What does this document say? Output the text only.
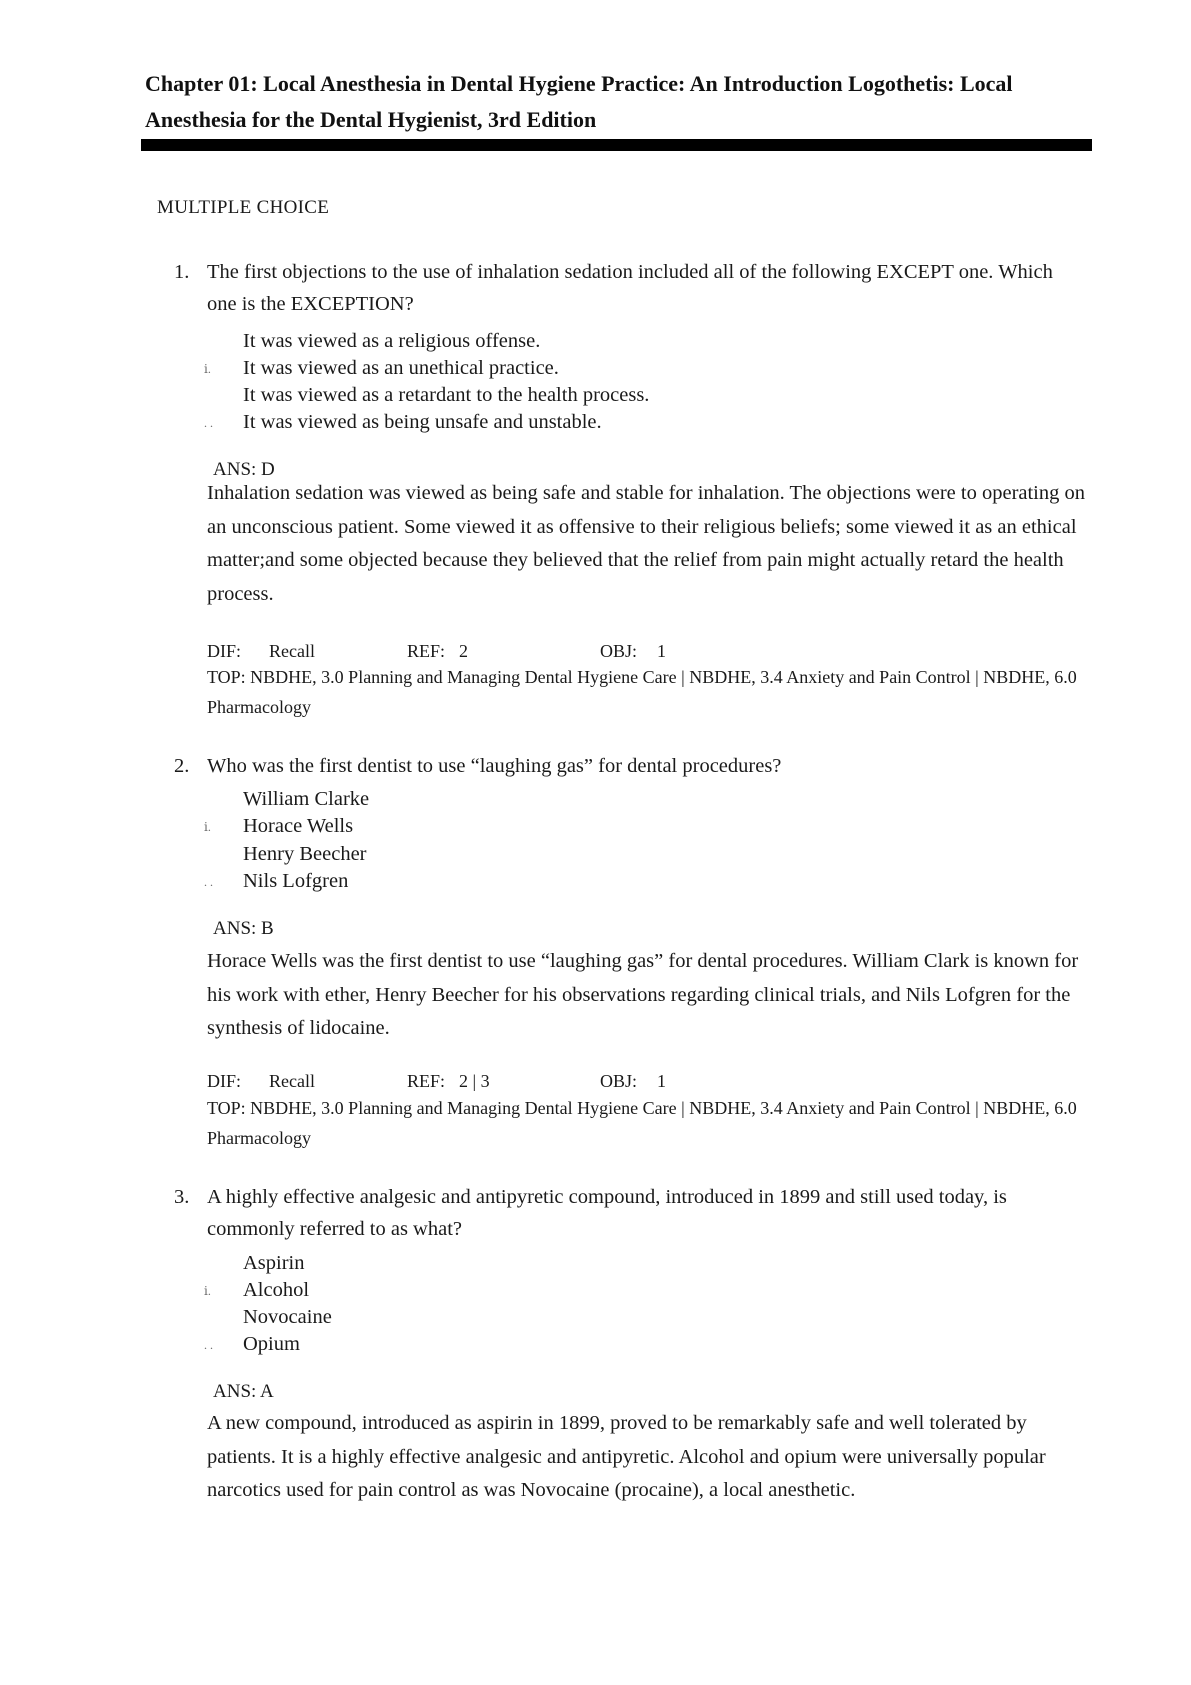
Chapter 01: Local Anesthesia in Dental Hygiene Practice: An Introduction Logothetis: Local Anesthesia for the Dental Hygienist, 3rd Edition
MULTIPLE CHOICE
1. The first objections to the use of inhalation sedation included all of the following EXCEPT one. Which one is the EXCEPTION?
It was viewed as a religious offense.
ⅰ. It was viewed as an unethical practice.
It was viewed as a retardant to the health process.
. . It was viewed as being unsafe and unstable.
ANS: D
Inhalation sedation was viewed as being safe and stable for inhalation. The objections were to operating on an unconscious patient. Some viewed it as offensive to their religious beliefs; some viewed it as an ethical matter;and some objected because they believed that the relief from pain might actually retard the health process.
DIF: Recall	REF: 2	OBJ: 1
TOP: NBDHE, 3.0 Planning and Managing Dental Hygiene Care | NBDHE, 3.4 Anxiety and Pain Control | NBDHE, 6.0 Pharmacology
2. Who was the first dentist to use “laughing gas” for dental procedures?
William Clarke
ⅰ. Horace Wells
Henry Beecher
. . Nils Lofgren
ANS: B
Horace Wells was the first dentist to use “laughing gas” for dental procedures. William Clark is known for his work with ether, Henry Beecher for his observations regarding clinical trials, and Nils Lofgren for the synthesis of lidocaine.
DIF: Recall	REF: 2 | 3	OBJ: 1
TOP: NBDHE, 3.0 Planning and Managing Dental Hygiene Care | NBDHE, 3.4 Anxiety and Pain Control | NBDHE, 6.0 Pharmacology
3. A highly effective analgesic and antipyretic compound, introduced in 1899 and still used today, is commonly referred to as what?
Aspirin
ⅰ. Alcohol
Novocaine
. . Opium
ANS: A
A new compound, introduced as aspirin in 1899, proved to be remarkably safe and well tolerated by patients. It is a highly effective analgesic and antipyretic. Alcohol and opium were universally popular narcotics used for pain control as was Novocaine (procaine), a local anesthetic.
